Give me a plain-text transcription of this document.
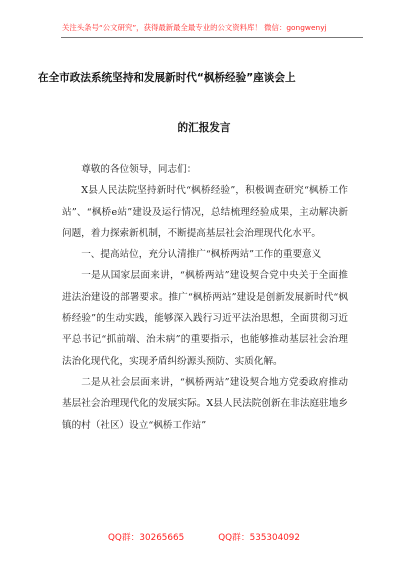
关注头条号“公文研究”，获得最新最全最专业的公文资料库！ 微信：gongwenyj
在全市政法系统坚持和发展新时代“枫桥经验”座谈会上
的汇报发言

尊敬的各位领导，同志们：

X县人民法院坚持新时代“枫桥经验”，积极调查研究“枫桥工作站”、“枫桥e站”建设及运行情况，总结梳理经验成果，主动解决新问题，着力探索新机制，不断提高基层社会治理现代化水平。

一、提高站位，充分认清推广“枫桥两站”工作的重要意义

一是从国家层面来讲，“枫桥两站”建设契合党中央关于全面推进法治建设的部署要求。推广“枫桥两站”建设是创新发展新时代“枫桥经验”的生动实践，能够深入践行习近平法治思想，全面贯彻习近平总书记“抓前端、治未病”的重要指示，也能够推动基层社会治理法治化现代化，实现矛盾纠纷源头预防、实质化解。

二是从社会层面来讲，“枫桥两站”建设契合地方党委政府推动基层社会治理现代化的发展实际。X县人民法院创新在非法庭驻地乡镇的村（社区）设立“枫桥工作站”

QQ群：30265665	QQ群：535304092
